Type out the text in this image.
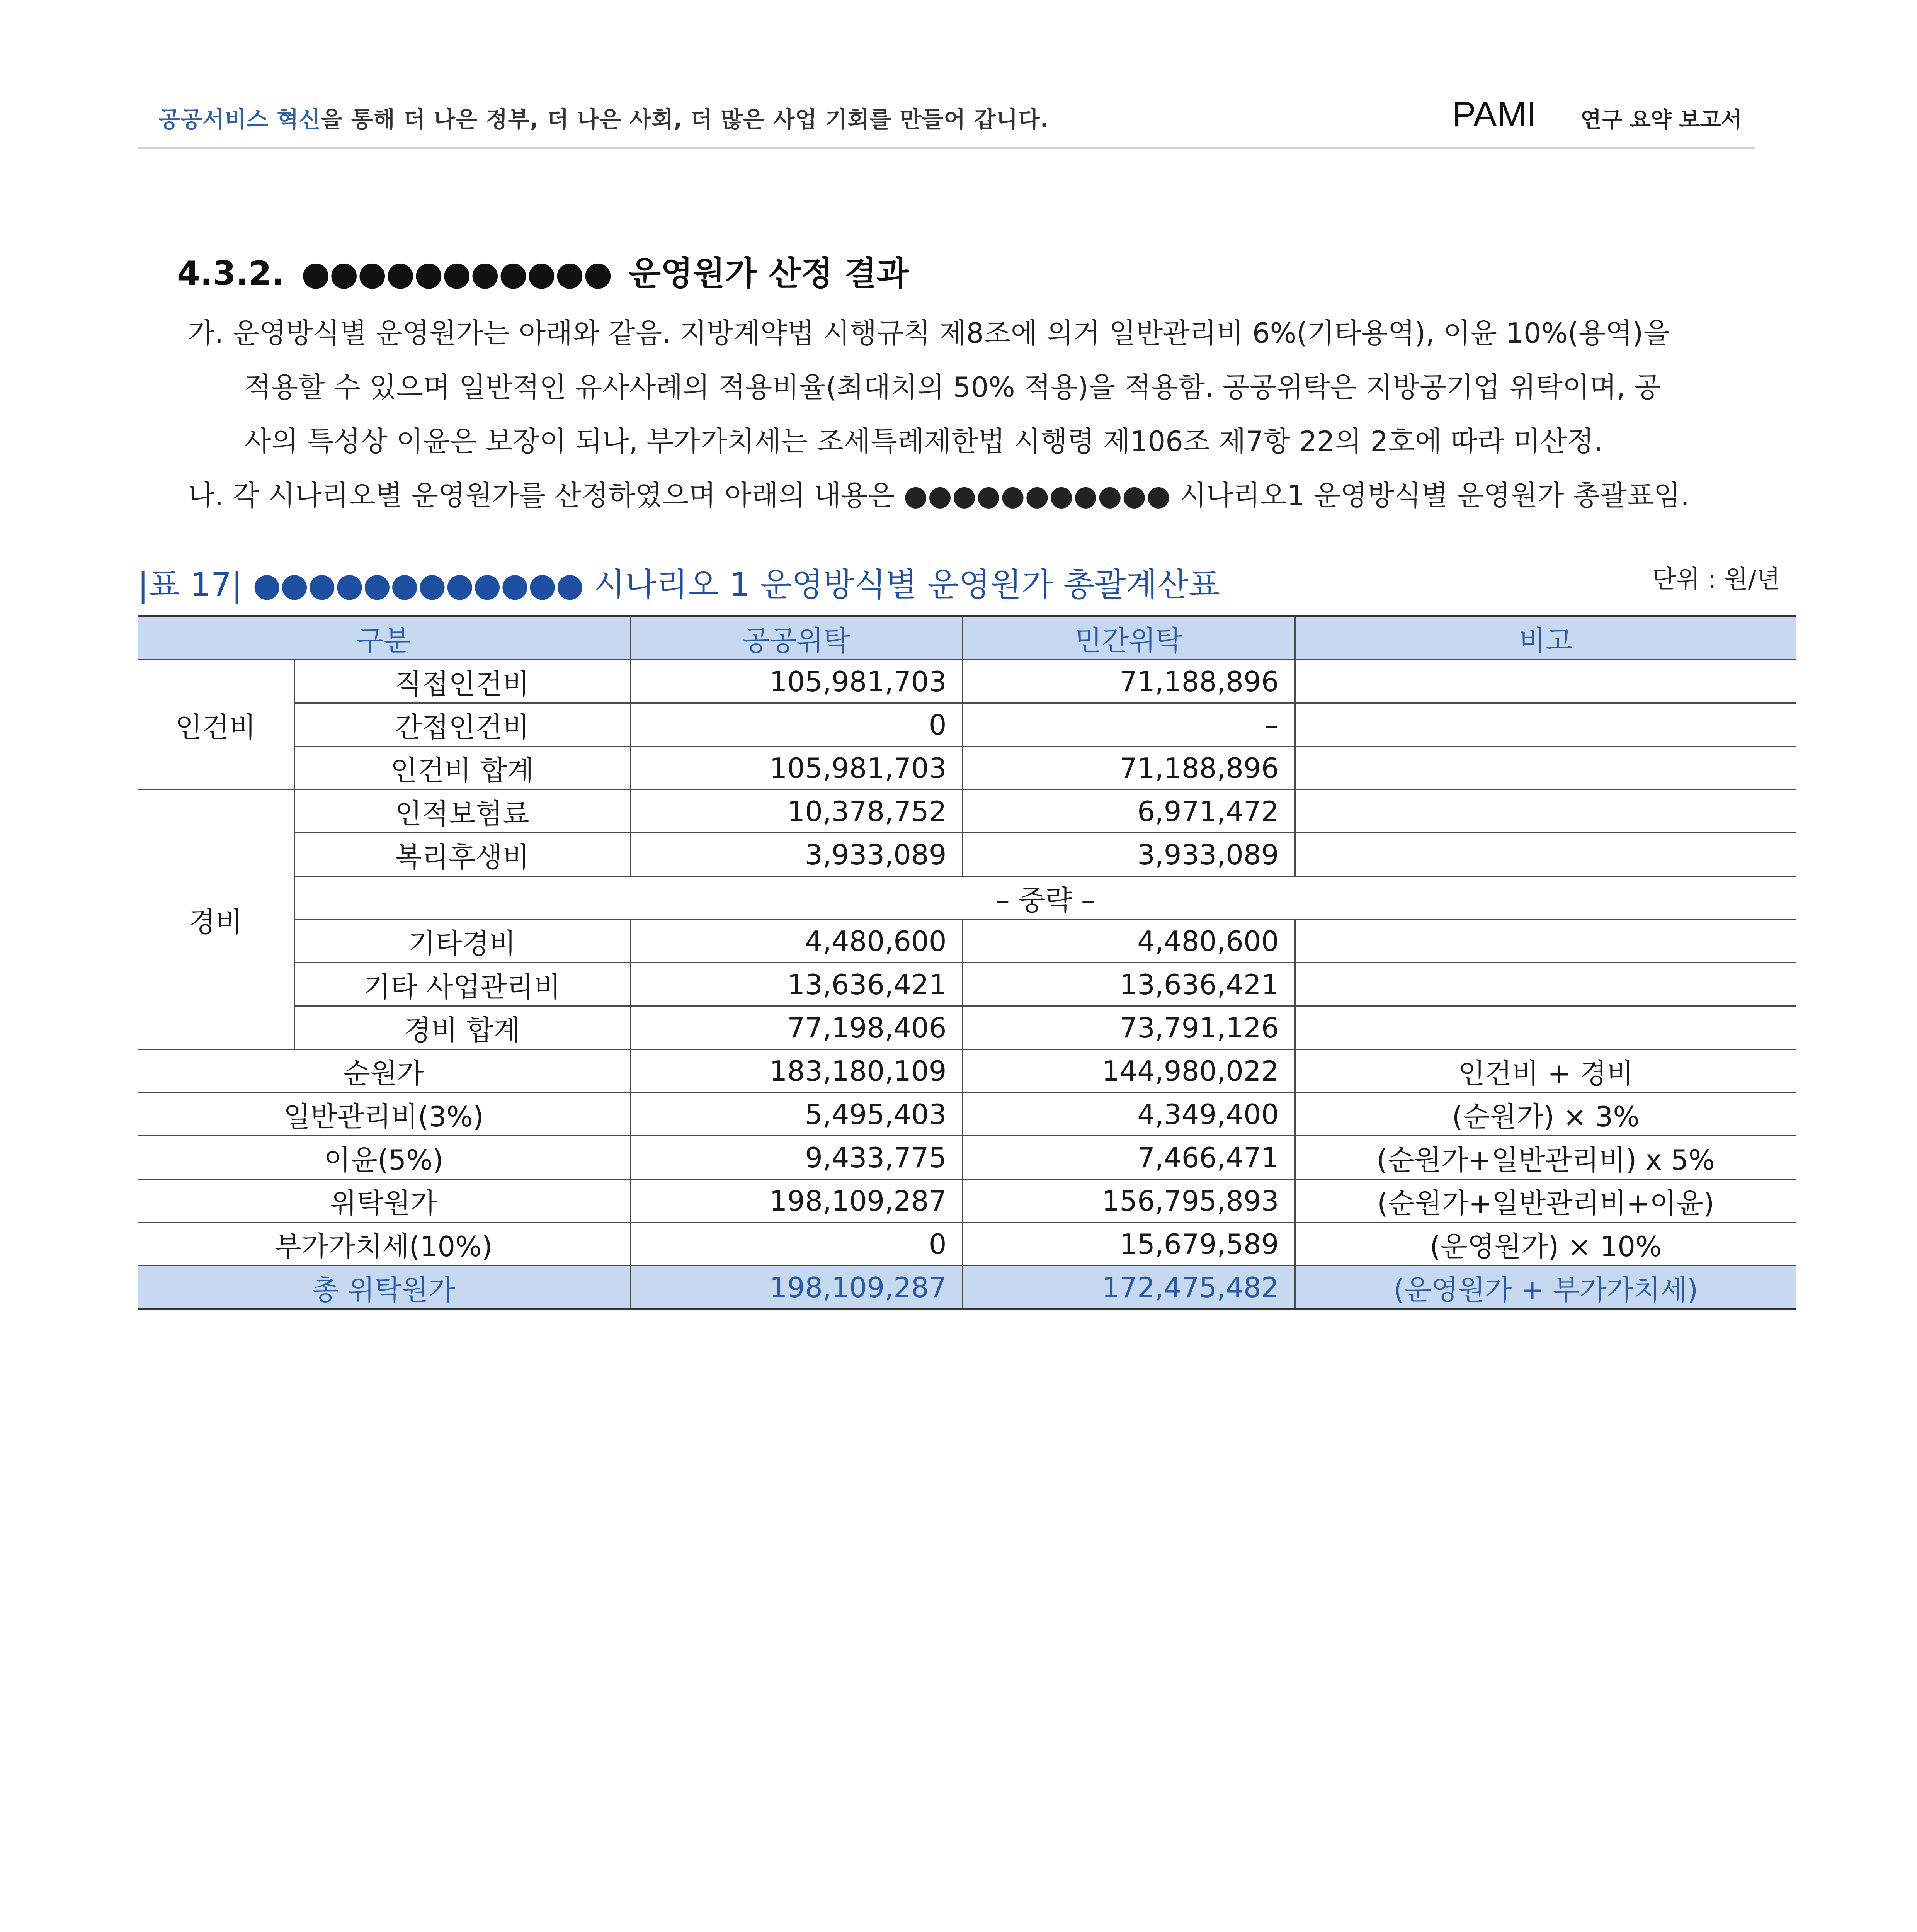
공공서비스 혁신을 통해 더 나은 정부, 더 나은 사회, 더 많은 사업 기회를 만들어 갑니다.	PAMI 연구 요약 보고서
4.3.2. ●●●●●●●●●●● 운영원가 산정 결과
가. 운영방식별 운영원가는 아래와 같음. 지방계약법 시행규칙 제8조에 의거 일반관리비 6%(기타용역), 이윤 10%(용역)을
적용할 수 있으며 일반적인 유사사례의 적용비율(최대치의 50% 적용)을 적용함. 공공위탁은 지방공기업 위탁이며, 공
사의 특성상 이윤은 보장이 되나, 부가가치세는 조세특례제한법 시행령 제106조 제7항 22의 2호에 따라 미산정.
나. 각 시나리오별 운영원가를 산정하였으며 아래의 내용은 ●●●●●●●●●●● 시나리오1 운영방식별 운영원가 총괄표임.
|표 17| ●●●●●●●●●●●● 시나리오 1 운영방식별 운영원가 총괄계산표	단위 : 원/년
구분		공공위탁	민간위탁	비고
인건비	직접인건비	105,981,703	71,188,896	
	간접인건비	0	–	
	인건비 합계	105,981,703	71,188,896	
경비	인적보험료	10,378,752	6,971,472	
	복리후생비	3,933,089	3,933,089	
	– 중략 –			
	기타경비	4,480,600	4,480,600	
	기타 사업관리비	13,636,421	13,636,421	
	경비 합계	77,198,406	73,791,126	
순원가		183,180,109	144,980,022	인건비 + 경비
일반관리비(3%)		5,495,403	4,349,400	(순원가) × 3%
이윤(5%)		9,433,775	7,466,471	(순원가+일반관리비) x 5%
위탁원가		198,109,287	156,795,893	(순원가+일반관리비+이윤)
부가가치세(10%)		0	15,679,589	(운영원가) × 10%
총 위탁원가		198,109,287	172,475,482	(운영원가 + 부가가치세)
